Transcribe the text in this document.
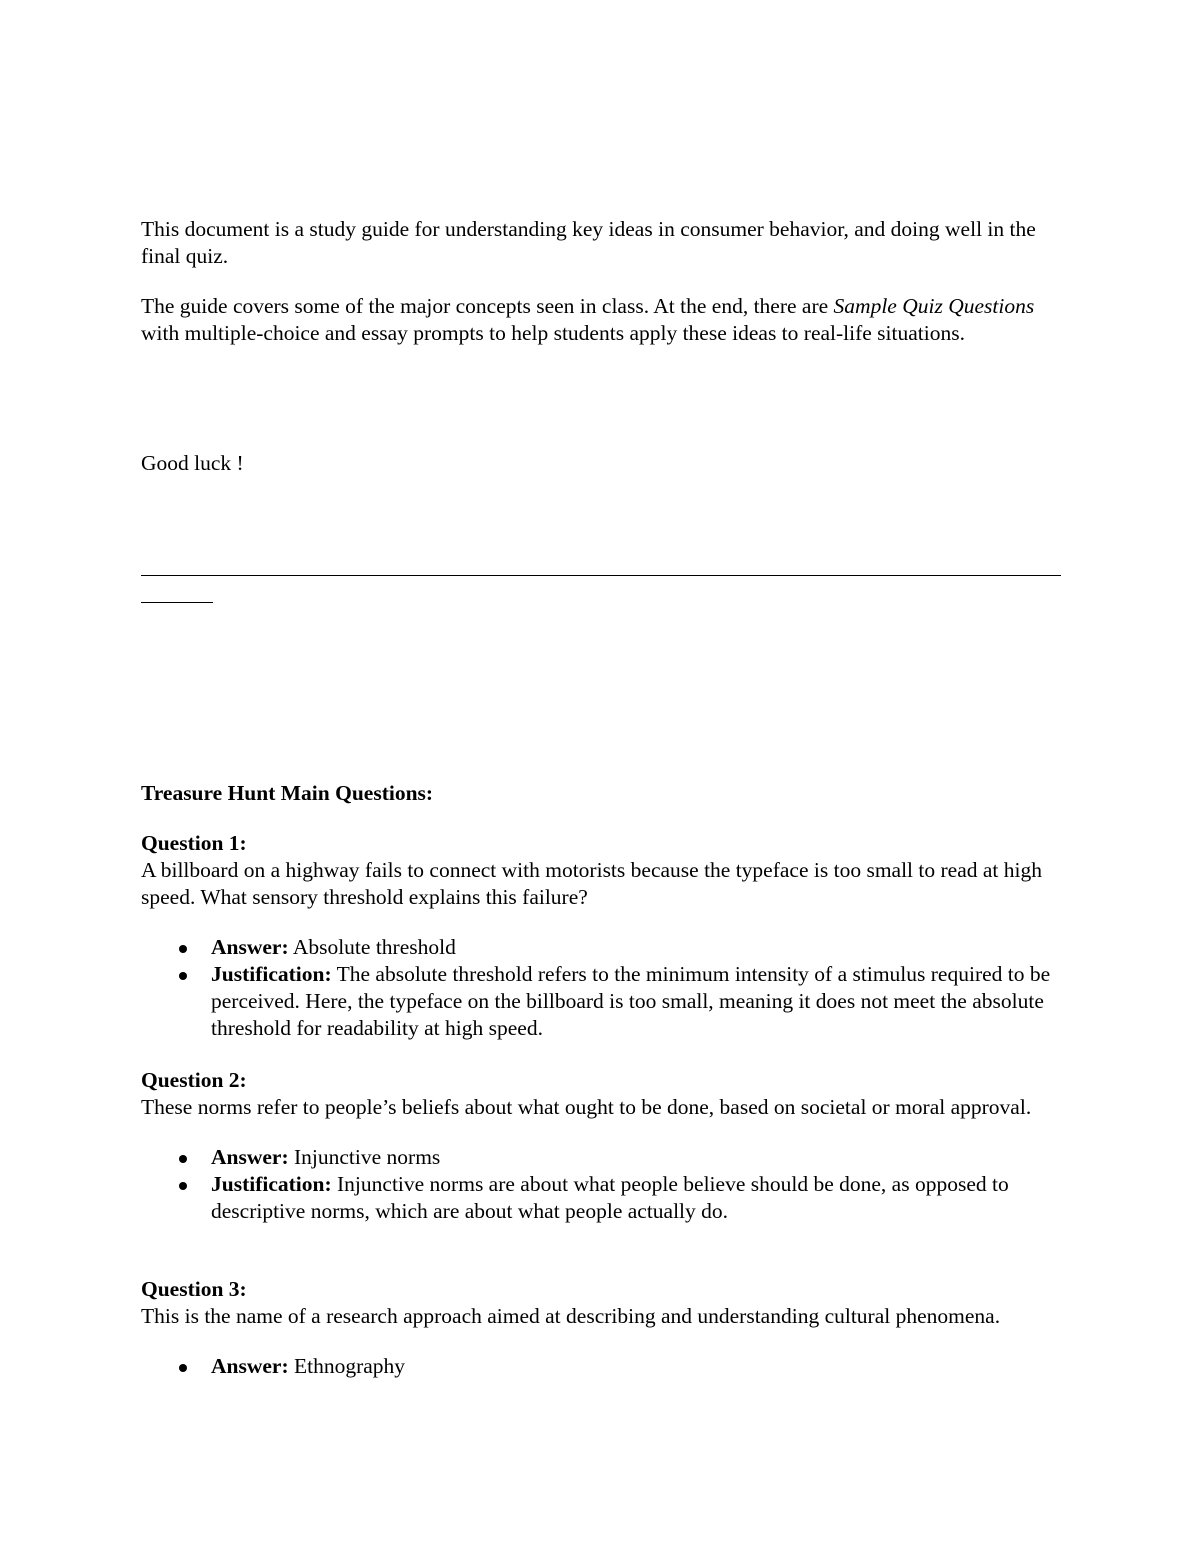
This document is a study guide for understanding key ideas in consumer behavior, and doing well in the final quiz.

The guide covers some of the major concepts seen in class. At the end, there are Sample Quiz Questions with multiple-choice and essay prompts to help students apply these ideas to real-life situations.

Good luck !

Treasure Hunt Main Questions:

Question 1:

A billboard on a highway fails to connect with motorists because the typeface is too small to read at high speed. What sensory threshold explains this failure?

Answer: Absolute threshold
Justification: The absolute threshold refers to the minimum intensity of a stimulus required to be perceived. Here, the typeface on the billboard is too small, meaning it does not meet the absolute threshold for readability at high speed.

Question 2:

These norms refer to people’s beliefs about what ought to be done, based on societal or moral approval.

Answer: Injunctive norms
Justification: Injunctive norms are about what people believe should be done, as opposed to descriptive norms, which are about what people actually do.

Question 3:

This is the name of a research approach aimed at describing and understanding cultural phenomena.

Answer: Ethnography
